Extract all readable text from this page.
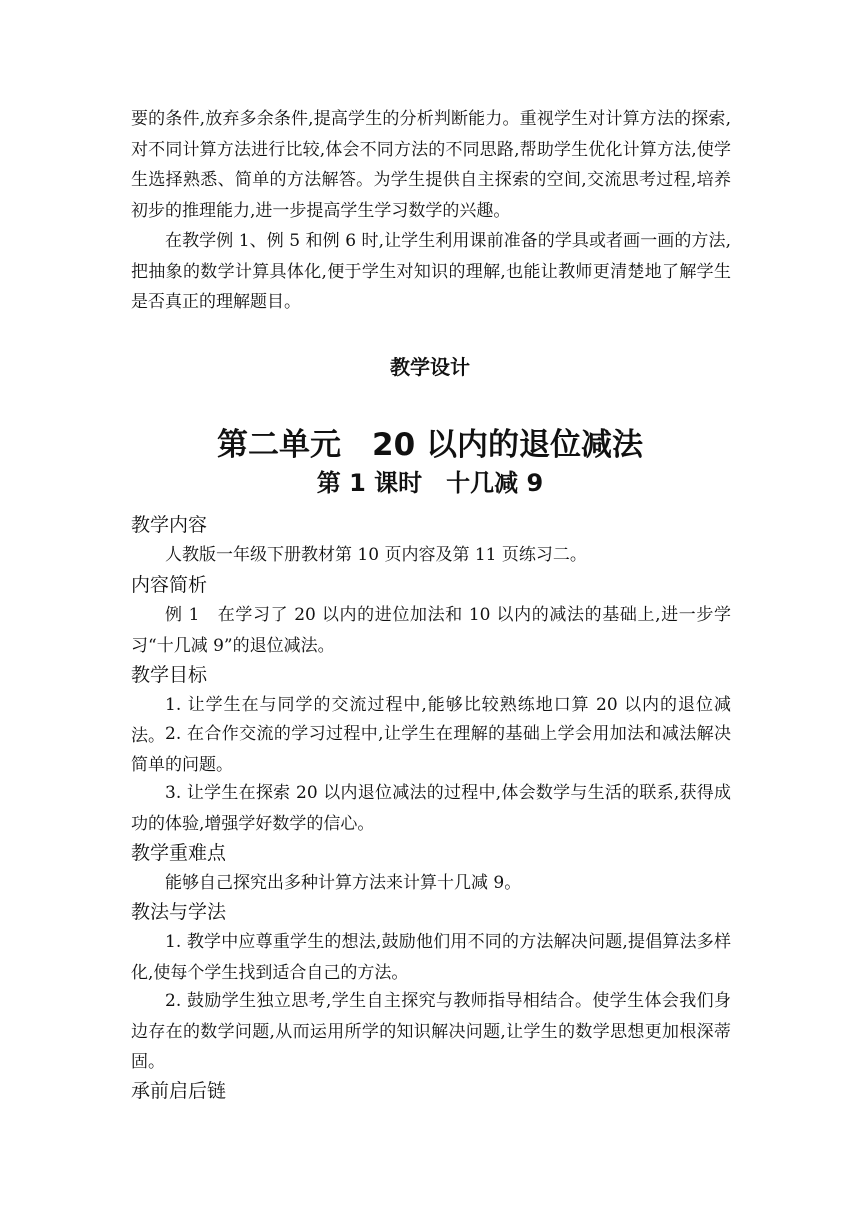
要的条件,放弃多余条件,提高学生的分析判断能力。重视学生对计算方法的探索,对不同计算方法进行比较,体会不同方法的不同思路,帮助学生优化计算方法,使学生选择熟悉、简单的方法解答。为学生提供自主探索的空间,交流思考过程,培养初步的推理能力,进一步提高学生学习数学的兴趣。

在教学例 1、例 5 和例 6 时,让学生利用课前准备的学具或者画一画的方法,把抽象的数学计算具体化,便于学生对知识的理解,也能让教师更清楚地了解学生是否真正的理解题目。

教学设计
第二单元　20 以内的退位减法
第 1 课时　十几减 9
教学内容

人教版一年级下册教材第 10 页内容及第 11 页练习二。

内容简析

例 1　在学习了 20 以内的进位加法和 10 以内的减法的基础上,进一步学习“十几减 9”的退位减法。

教学目标

1. 让学生在与同学的交流过程中,能够比较熟练地口算 20 以内的退位减法。 2. 在合作交流的学习过程中,让学生在理解的基础上学会用加法和减法解决简单的问题。

3. 让学生在探索 20 以内退位减法的过程中,体会数学与生活的联系,获得成功的体验,增强学好数学的信心。

教学重难点

能够自己探究出多种计算方法来计算十几减 9。

教法与学法

1. 教学中应尊重学生的想法,鼓励他们用不同的方法解决问题,提倡算法多样化,使每个学生找到适合自己的方法。

2. 鼓励学生独立思考,学生自主探究与教师指导相结合。使学生体会我们身边存在的数学问题,从而运用所学的知识解决问题,让学生的数学思想更加根深蒂固。

承前启后链
